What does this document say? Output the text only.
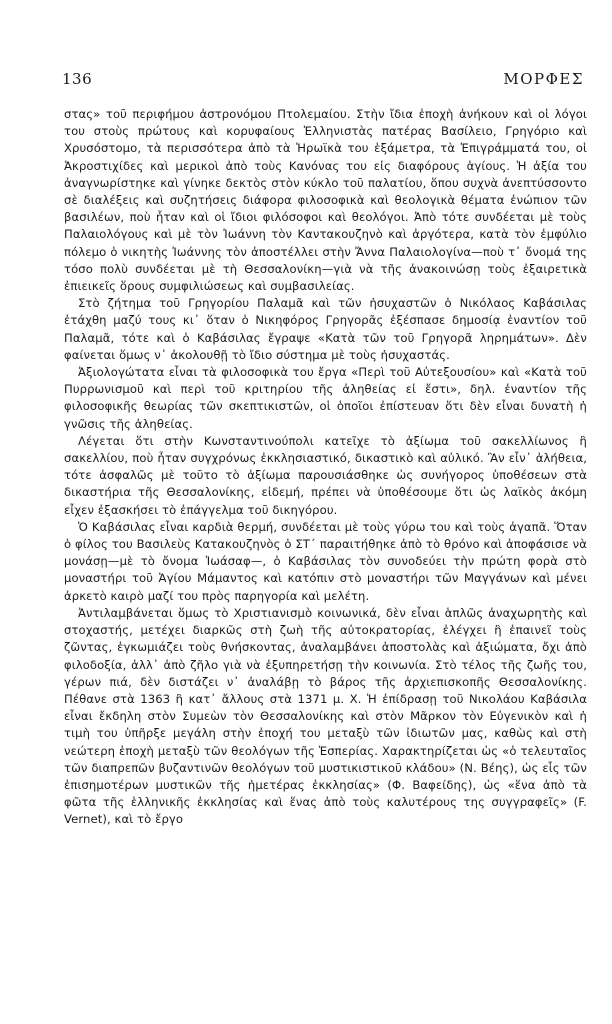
136	ΜΟΡΦΕΣ

στας» τοῦ περιφήμου ἀστρονόμου Πτολεμαίου. Στὴν ἴδια ἐποχὴ ἀνήκουν καὶ οἱ λόγοι του στοὺς πρώτους καὶ κορυφαίους Ἑλληνιστὰς πατέρας Βασίλειο, Γρηγόριο καὶ Χρυσόστομο, τὰ περισσότερα ἀπὸ τὰ Ἡρωϊκὰ του ἑξάμετρα, τὰ Ἐπιγράμματά του, οἱ Ἀκροστιχίδες καὶ μερικοὶ ἀπὸ τοὺς Κανόνας του εἰς διαφόρους ἁγίους. Ἡ ἀξία του ἀναγνωρίστηκε καὶ γίνηκε δεκτὸς στὸν κύκλο τοῦ παλατίου, ὅπου συχνὰ ἀνεπτύσσοντο σὲ διαλέξεις καὶ συζητήσεις διάφορα φιλοσοφικὰ καὶ θεολογικὰ θέματα ἐνώπιον τῶν βασιλέων, ποὺ ἦταν καὶ οἱ ἴδιοι φιλόσοφοι καὶ θεολόγοι. Ἀπὸ τότε συνδέεται μὲ τοὺς Παλαιολόγους καὶ μὲ τὸν Ἰωάννη τὸν Καντακουζηνὸ καὶ ἀργότερα, κατὰ τὸν ἐμφύλιο πόλεμο ὁ νικητὴς Ἰωάννης τὸν ἀποστέλλει στὴν Ἄννα Παλαιολογίνα—ποὺ τ᾽ ὄνομά της τόσο πολὺ συνδέεται μὲ τὴ Θεσσαλονίκη—γιὰ νὰ τῆς ἀνακοινώσῃ τοὺς ἐξαιρετικὰ ἐπιεικεῖς ὅρους συμφιλιώσεως καὶ συμβασιλείας.

Στὸ ζήτημα τοῦ Γρηγορίου Παλαμᾶ καὶ τῶν ἡσυχαστῶν ὁ Νικόλαος Καβάσιλας ἐτάχθη μαζύ τους κι᾽ ὅταν ὁ Νικηφόρος Γρηγορᾶς ἐξέσπασε δημοσίᾳ ἐναντίον τοῦ Παλαμᾶ, τότε καὶ ὁ Καβάσιλας ἔγραψε «Κατὰ τῶν τοῦ Γρηγορᾶ ληρημάτων». Δὲν φαίνεται ὅμως ν᾽ ἀκολουθῇ τὸ ἴδιο σύστημα μὲ τοὺς ἡσυχαστάς.

Ἀξιολογώτατα εἶναι τὰ φιλοσοφικὰ του ἔργα «Περὶ τοῦ Αὐτεξουσίου» καὶ «Κατὰ τοῦ Πυρρωνισμοῦ καὶ περὶ τοῦ κριτηρίου τῆς ἀληθείας εἰ ἔστι», δηλ. ἐναντίον τῆς φιλοσοφικῆς θεωρίας τῶν σκεπτικιστῶν, οἱ ὁποῖοι ἐπίστευαν ὅτι δὲν εἶναι δυνατὴ ἡ γνῶσις τῆς ἀληθείας.

Λέγεται ὅτι στὴν Κωνσταντινούπολι κατεῖχε τὸ ἀξίωμα τοῦ σακελλίωνος ἢ σακελλίου, ποὺ ἦταν συγχρόνως ἐκκλησιαστικό, δικαστικὸ καὶ αὐλικό. Ἂν εἶν᾽ ἀλήθεια, τότε ἀσφαλῶς μὲ τοῦτο τὸ ἀξίωμα παρουσιάσθηκε ὡς συνήγορος ὑποθέσεων στὰ δικαστήρια τῆς Θεσσαλονίκης, εἰδεμή, πρέπει νὰ ὑποθέσουμε ὅτι ὡς λαϊκὸς ἀκόμη εἶχεν ἐξασκήσει τὸ ἐπάγγελμα τοῦ δικηγόρου.

Ὁ Καβάσιλας εἶναι καρδιὰ θερμή, συνδέεται μὲ τοὺς γύρω του καὶ τοὺς ἀγαπᾶ. Ὅταν ὁ φίλος του Βασιλεὺς Κατακουζηνὸς ὁ ΣΤ´ παραιτήθηκε ἀπὸ τὸ θρόνο καὶ ἀποφάσισε νὰ μονάσῃ—μὲ τὸ ὄνομα Ἰωάσαφ—, ὁ Καβάσιλας τὸν συνοδεύει τὴν πρώτη φορὰ στὸ μοναστήρι τοῦ Ἁγίου Μάμαντος καὶ κατόπιν στὸ μοναστήρι τῶν Μαγγάνων καὶ μένει ἀρκετὸ καιρὸ μαζί του πρὸς παρηγορία καὶ μελέτη.

Ἀντιλαμβάνεται ὅμως τὸ Χριστιανισμὸ κοινωνικά, δὲν εἶναι ἁπλῶς ἀναχωρητὴς καὶ στοχαστής, μετέχει διαρκῶς στὴ ζωὴ τῆς αὐτοκρατορίας, ἐλέγχει ἢ ἐπαινεῖ τοὺς ζῶντας, ἐγκωμιάζει τοὺς θνήσκοντας, ἀναλαμβάνει ἀποστολὰς καὶ ἀξιώματα, ὄχι ἀπὸ φιλοδοξία, ἀλλ᾽ ἀπὸ ζῆλο γιὰ νὰ ἐξυπηρετήσῃ τὴν κοινωνία. Στὸ τέλος τῆς ζωῆς του, γέρων πιά, δὲν διστάζει ν᾽ ἀναλάβῃ τὸ βάρος τῆς ἀρχιεπισκοπῆς Θεσσαλονίκης. Πέθανε στὰ 1363 ἢ κατ᾽ ἄλλους στὰ 1371 μ. Χ. Ἡ ἐπίδρασῃ τοῦ Νικολάου Καβάσιλα εἶναι ἔκδηλη στὸν Συμεὼν τὸν Θεσσαλονίκης καὶ στὸν Μᾶρκον τὸν Εὐγενικὸν καὶ ἡ τιμὴ του ὑπῆρξε μεγάλη στὴν ἐποχή του μεταξὺ τῶν ἰδιωτῶν μας, καθὼς καὶ στὴ νεώτερη ἐποχὴ μεταξὺ τῶν θεολόγων τῆς Ἑσπερίας. Χαρακτηρίζεται ὡς «ὁ τελευταῖος τῶν διαπρεπῶν βυζαντινῶν θεολόγων τοῦ μυστικιστικοῦ κλάδου» (Ν. Βέης), ὡς εἷς τῶν ἐπισημοτέρων μυστικῶν τῆς ἡμετέρας ἐκκλησίας» (Φ. Βαφείδης), ὡς «ἕνα ἀπὸ τὰ φῶτα τῆς ἑλληνικῆς ἐκκλησίας καὶ ἕνας ἀπὸ τοὺς καλυτέρους της συγγραφεῖς» (F. Vernet), καὶ τὸ ἔργο
